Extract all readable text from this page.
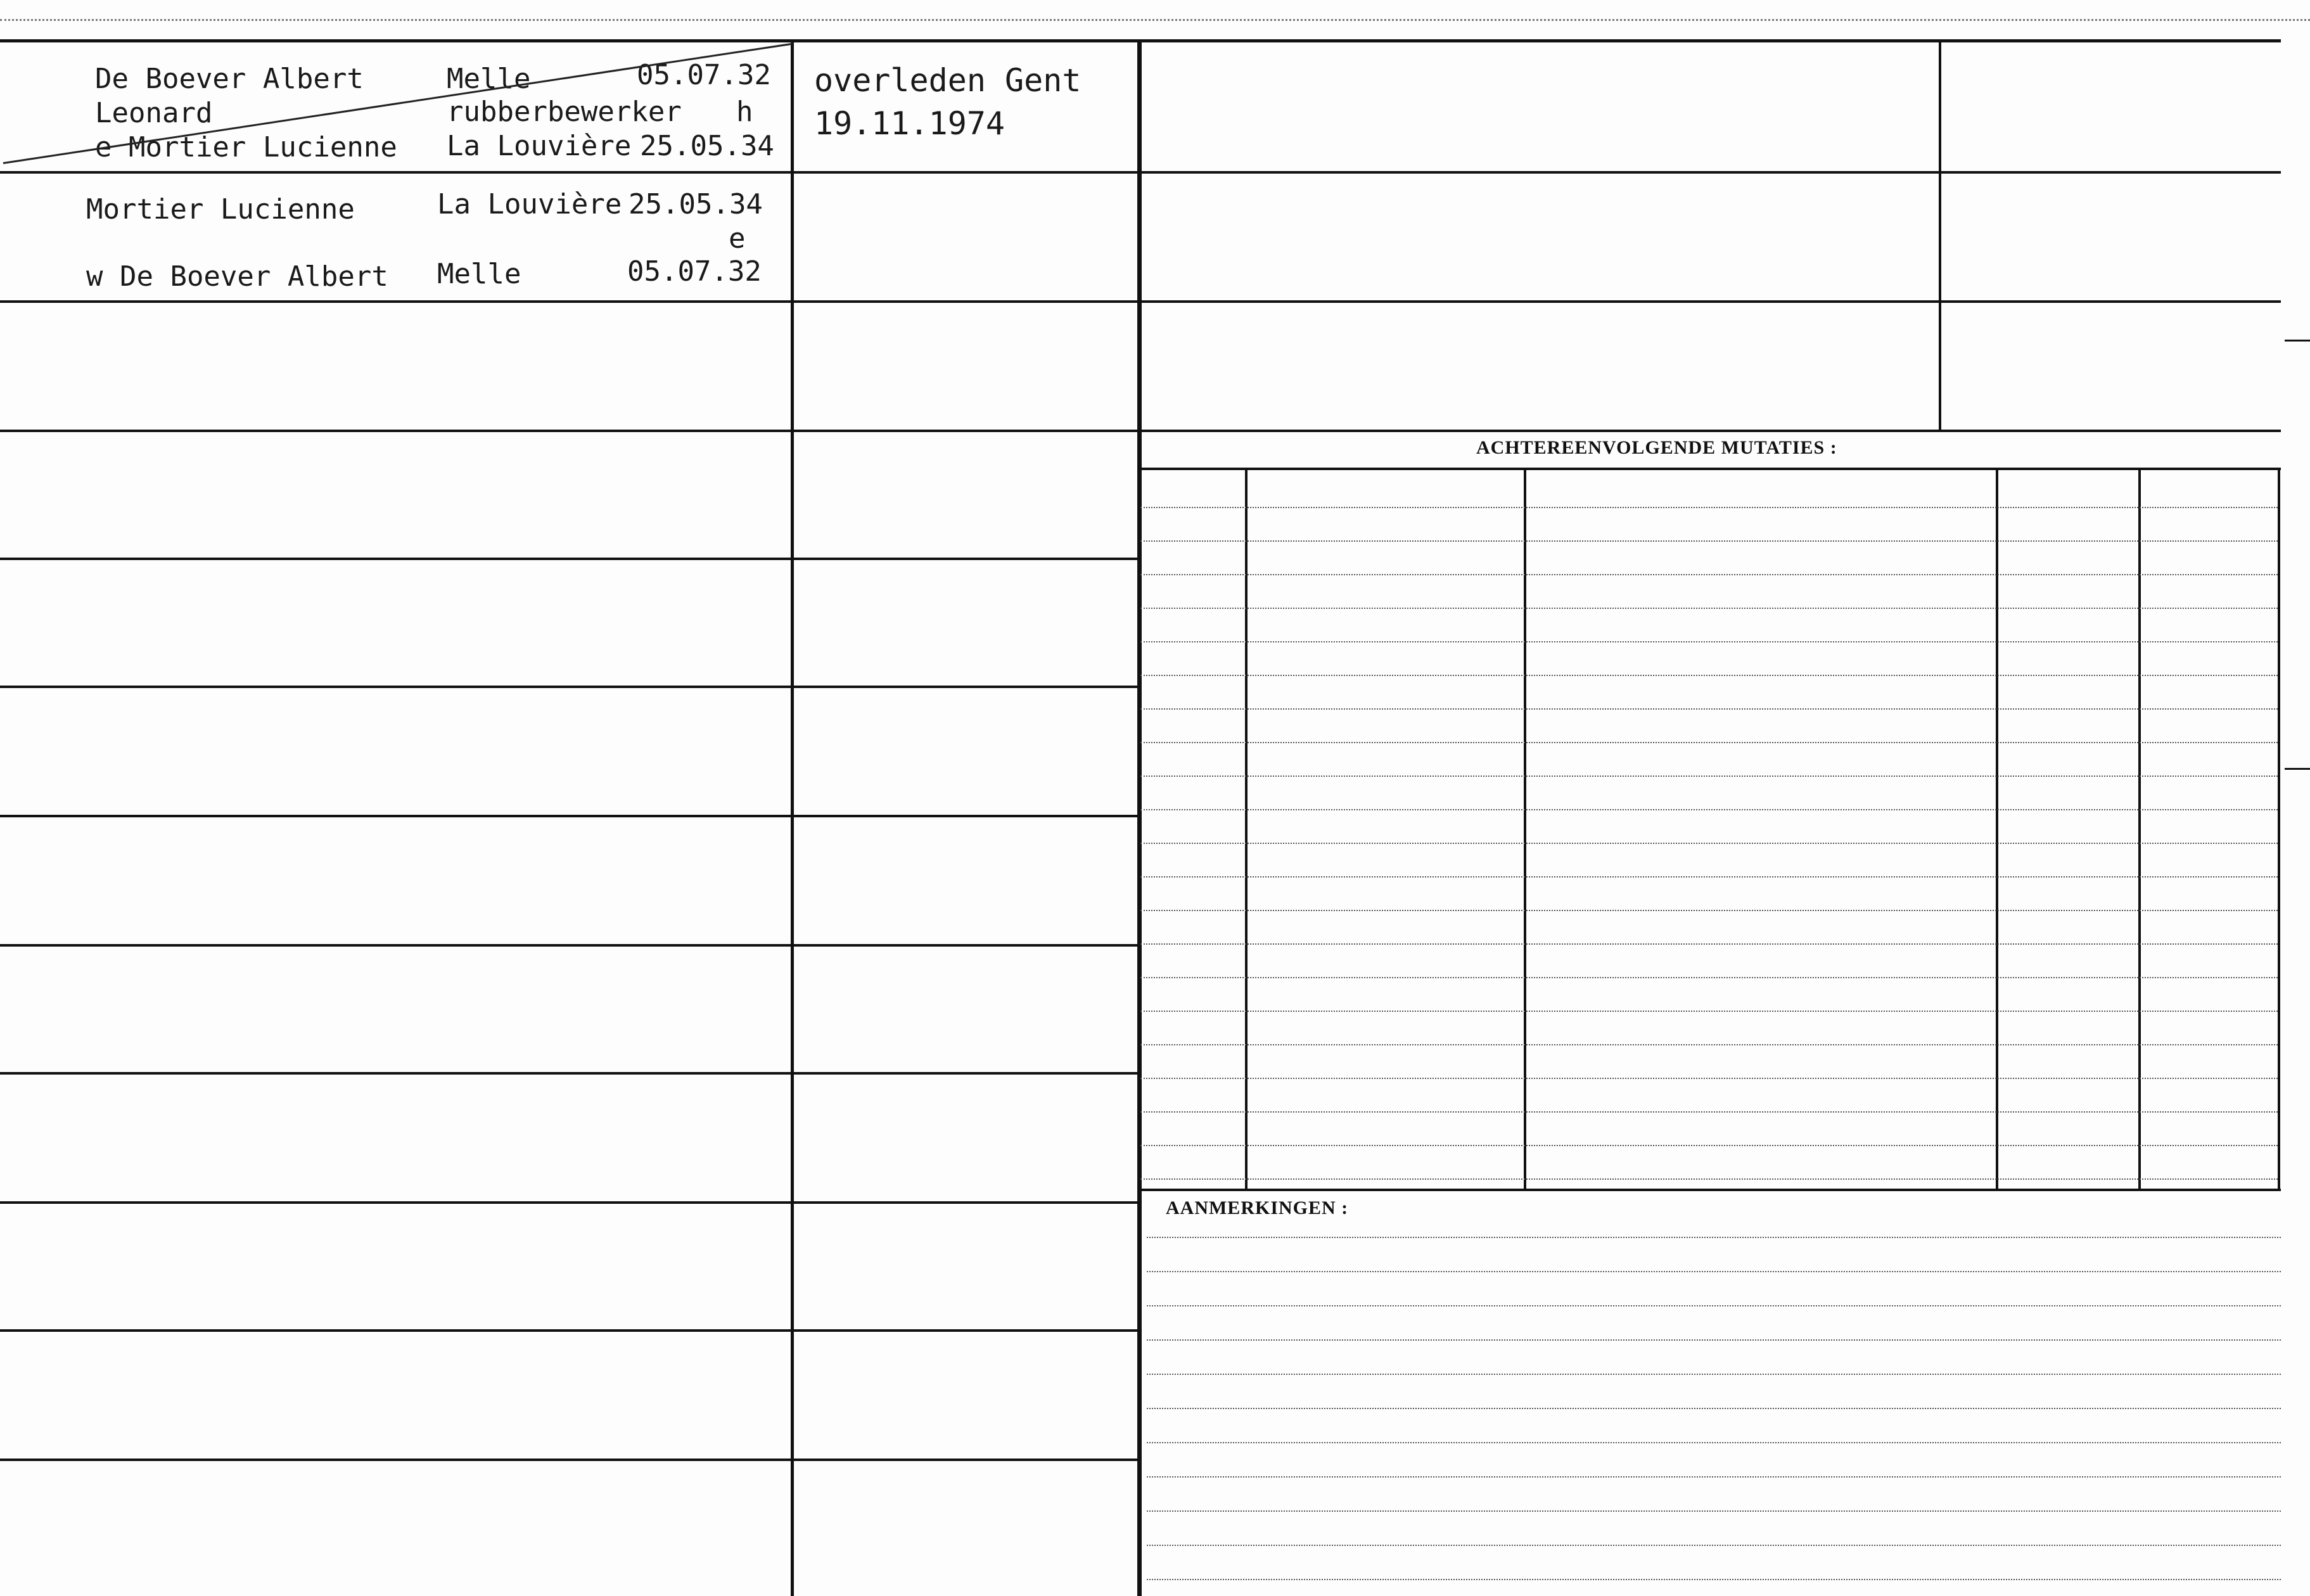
De Boever Albert
Leonard
e Mortier Lucienne
Melle	05.07.32
rubberbewerker h
La Louvière 25.05.34
overleden Gent
19.11.1974
Mortier Lucienne
w De Boever Albert
La Louvière 25.05.34
e
Melle	05.07.32
ACHTEREENVOLGENDE MUTATIES :
AANMERKINGEN :
